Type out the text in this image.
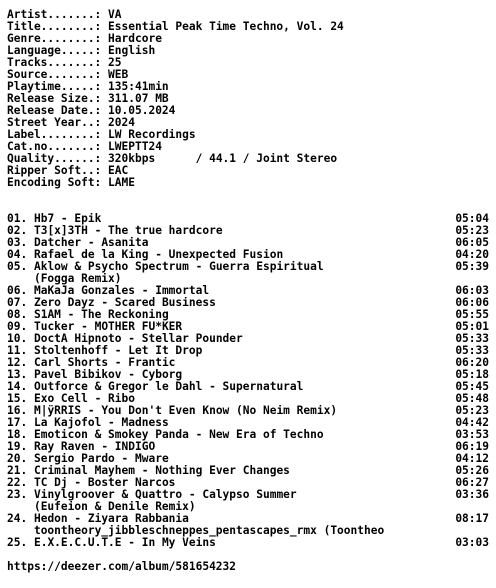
Artist.......: VA
Title........: Essential Peak Time Techno, Vol. 24
Genre........: Hardcore
Language.....: English
Tracks.......: 25
Source.......: WEB
Playtime.....: 135:41min
Release Size.: 311.07 MB
Release Date.: 10.05.2024
Street Year..: 2024
Label........: LW Recordings
Cat.no.......: LWEPTT24
Quality......: 320kbps      / 44.1 / Joint Stereo
Ripper Soft..: EAC
Encoding Soft: LAME
01. Hb7 - Epik	05:04
02. T3[x]3TH - The true hardcore	05:23
03. Datcher - Asanita	06:05
04. Rafael de la King - Unexpected Fusion	04:20
05. Aklow & Psycho Spectrum - Guerra Espiritual	05:39
(Fogga Remix)
06. MaKaJa Gonzales - Immortal	06:03
07. Zero Dayz - Scared Business	06:06
08. S1AM - The Reckoning	05:55
09. Tucker - MOTHER FU*KER	05:01
10. DoctA Hipnoto - Stellar Pounder	05:33
11. Stoltenhoff - Let It Drop	05:33
12. Carl Shorts - Frantic	06:20
13. Pavel Bibikov - Cyborg	05:18
14. Outforce & Gregor le Dahl - Supernatural	05:45
15. Exo Cell - Ribo	05:48
16. M|ÿRRIS - You Don't Even Know (No Neim Remix)	05:23
17. La Kajofol - Madness	04:42
18. Emoticon & Smokey Panda - New Era of Techno	03:53
19. Ray Raven - INDIGO	06:19
20. Sergio Pardo - Mware	04:12
21. Criminal Mayhem - Nothing Ever Changes	05:26
22. TC Dj - Boster Narcos	06:27
23. Vinylgroover & Quattro - Calypso Summer	03:36
(Eufeion & Denile Remix)
24. Hedon - Ziyara Rabbania	08:17
toontheory_jibbleschneppes_pentascapes_rmx (Toontheo
25. E.X.E.C.U.T.E - In My Veins	03:03
https://deezer.com/album/581654232
